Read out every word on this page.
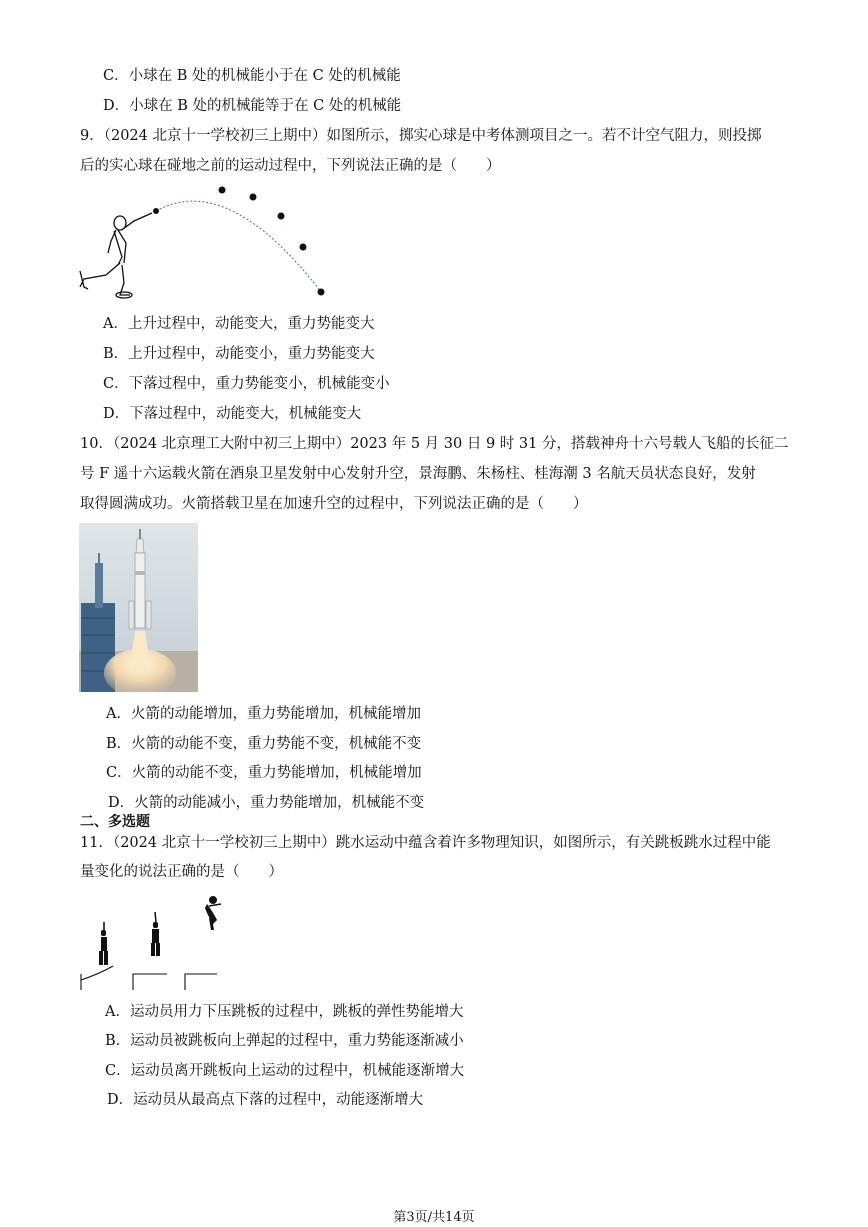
C．小球在 B 处的机械能小于在 C 处的机械能
D．小球在 B 处的机械能等于在 C 处的机械能
9．（2024 北京十一学校初三上期中）如图所示，掷实心球是中考体测项目之一。若不计空气阻力，则投掷
后的实心球在碰地之前的运动过程中，下列说法正确的是（　　）
A．上升过程中，动能变大，重力势能变大
B．上升过程中，动能变小，重力势能变大
C．下落过程中，重力势能变小，机械能变小
D．下落过程中，动能变大，机械能变大
10．（2024 北京理工大附中初三上期中）2023 年 5 月 30 日 9 时 31 分，搭载神舟十六号载人飞船的长征二
号 F 遥十六运载火箭在酒泉卫星发射中心发射升空，景海鹏、朱杨柱、桂海潮 3 名航天员状态良好，发射
取得圆满成功。火箭搭载卫星在加速升空的过程中，下列说法正确的是（　　）
A．火箭的动能增加，重力势能增加，机械能增加
B．火箭的动能不变，重力势能不变，机械能不变
C．火箭的动能不变，重力势能增加，机械能增加
D．火箭的动能减小，重力势能增加，机械能不变
二、多选题
11．（2024 北京十一学校初三上期中）跳水运动中蕴含着许多物理知识，如图所示，有关跳板跳水过程中能
量变化的说法正确的是（　　）
A．运动员用力下压跳板的过程中，跳板的弹性势能增大
B．运动员被跳板向上弹起的过程中，重力势能逐渐减小
C．运动员离开跳板向上运动的过程中，机械能逐渐增大
D．运动员从最高点下落的过程中，动能逐渐增大
第3页/共14页
